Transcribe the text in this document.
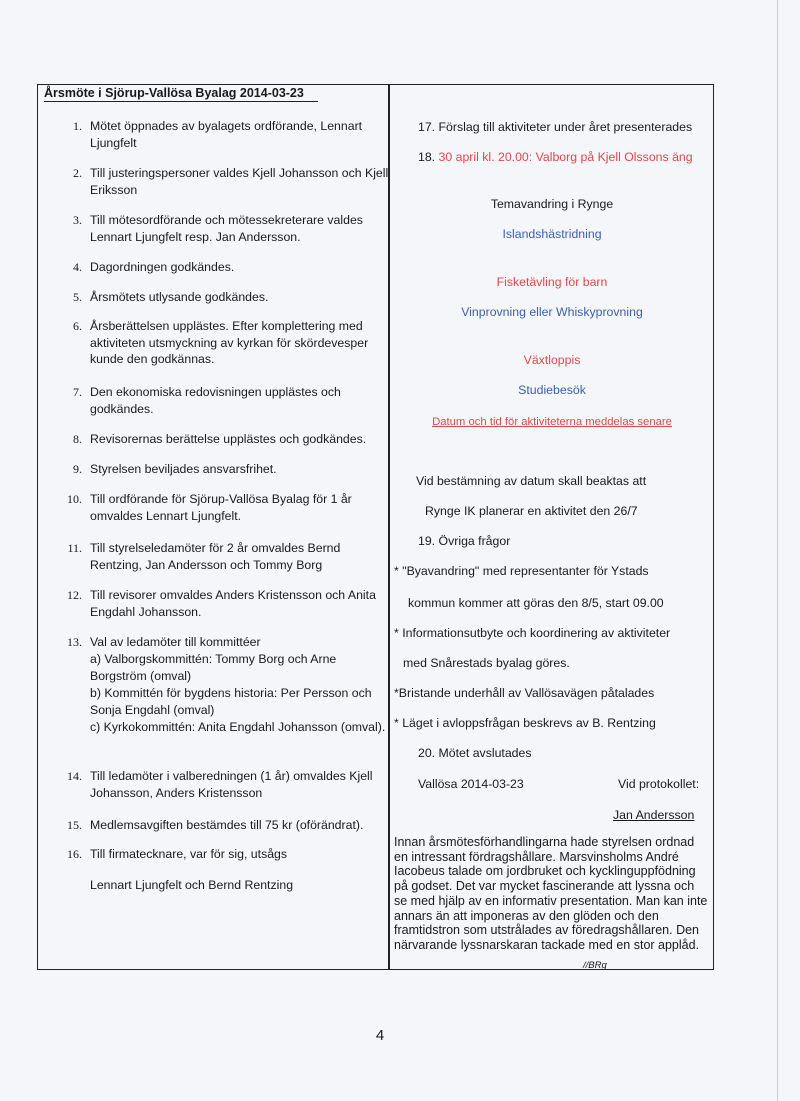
Årsmöte i Sjörup-Vallösa Byalag 2014-03-23
1. Mötet öppnades av byalagets ordförande, Lennart Ljungfelt
2. Till justeringspersoner valdes Kjell Johansson och Kjell Eriksson
3. Till mötesordförande och mötessekreterare valdes Lennart Ljungfelt resp. Jan Andersson.
4. Dagordningen godkändes.
5. Årsmötets utlysande godkändes.
6. Årsberättelsen upplästes. Efter komplettering med aktiviteten utsmyckning av kyrkan för skördevesper kunde den godkännas.
7. Den ekonomiska redovisningen upplästes och godkändes.
8. Revisorernas berättelse upplästes och godkändes.
9. Styrelsen beviljades ansvarsfrihet.
10. Till ordförande för Sjörup-Vallösa Byalag för 1 år omvaldes Lennart Ljungfelt.
11. Till styrelseledamöter för 2 år omvaldes Bernd Rentzing, Jan Andersson och Tommy Borg
12. Till revisorer omvaldes Anders Kristensson och Anita Engdahl Johansson.
13. Val av ledamöter till kommittéer
a) Valborgskommittén: Tommy Borg och Arne Borgström (omval)
b) Kommittén för bygdens historia: Per Persson och Sonja Engdahl (omval)
c) Kyrkokommittén: Anita Engdahl Johansson (omval).
14. Till ledamöter i valberedningen (1 år) omvaldes Kjell Johansson, Anders Kristensson
15. Medlemsavgiften bestämdes till 75 kr (oförändrat).
16. Till firmatecknare, var för sig, utsågs
Lennart Ljungfelt och Bernd Rentzing
17. Förslag till aktiviteter under året presenterades
18. 30 april kl. 20.00: Valborg på Kjell Olssons äng
Temavandring i Rynge
Islandshästridning
Fisketävling för barn
Vinprovning eller Whiskyprovning
Växtloppis
Studiebesök
Datum och tid för aktiviteterna meddelas senare
Vid bestämning av datum skall beaktas att
Rynge IK planerar en aktivitet den 26/7
19. Övriga frågor
* "Byavandring" med representanter för Ystads
kommun kommer att göras den 8/5, start 09.00
* Informationsutbyte och koordinering av aktiviteter
med Snårestads byalag göres.
*Bristande underhåll av Vallösavägen påtalades
* Läget i avloppsfrågan beskrevs av B. Rentzing
20. Mötet avslutades
Vallösa 2014-03-23	Vid protokollet:
Jan Andersson
Innan årsmötesförhandlingarna hade styrelsen ordnad en intressant fördragshållare. Marsvinsholms André Iacobeus talade om jordbruket och kycklinguppfödning på godset. Det var mycket fascinerande att lyssna och se med hjälp av en informativ presentation. Man kan inte annars än att imponeras av den glöden och den framtidstron som utstrålades av föredragshållaren. Den närvarande lyssnarskaran tackade med en stor applåd.
//BRg
4
